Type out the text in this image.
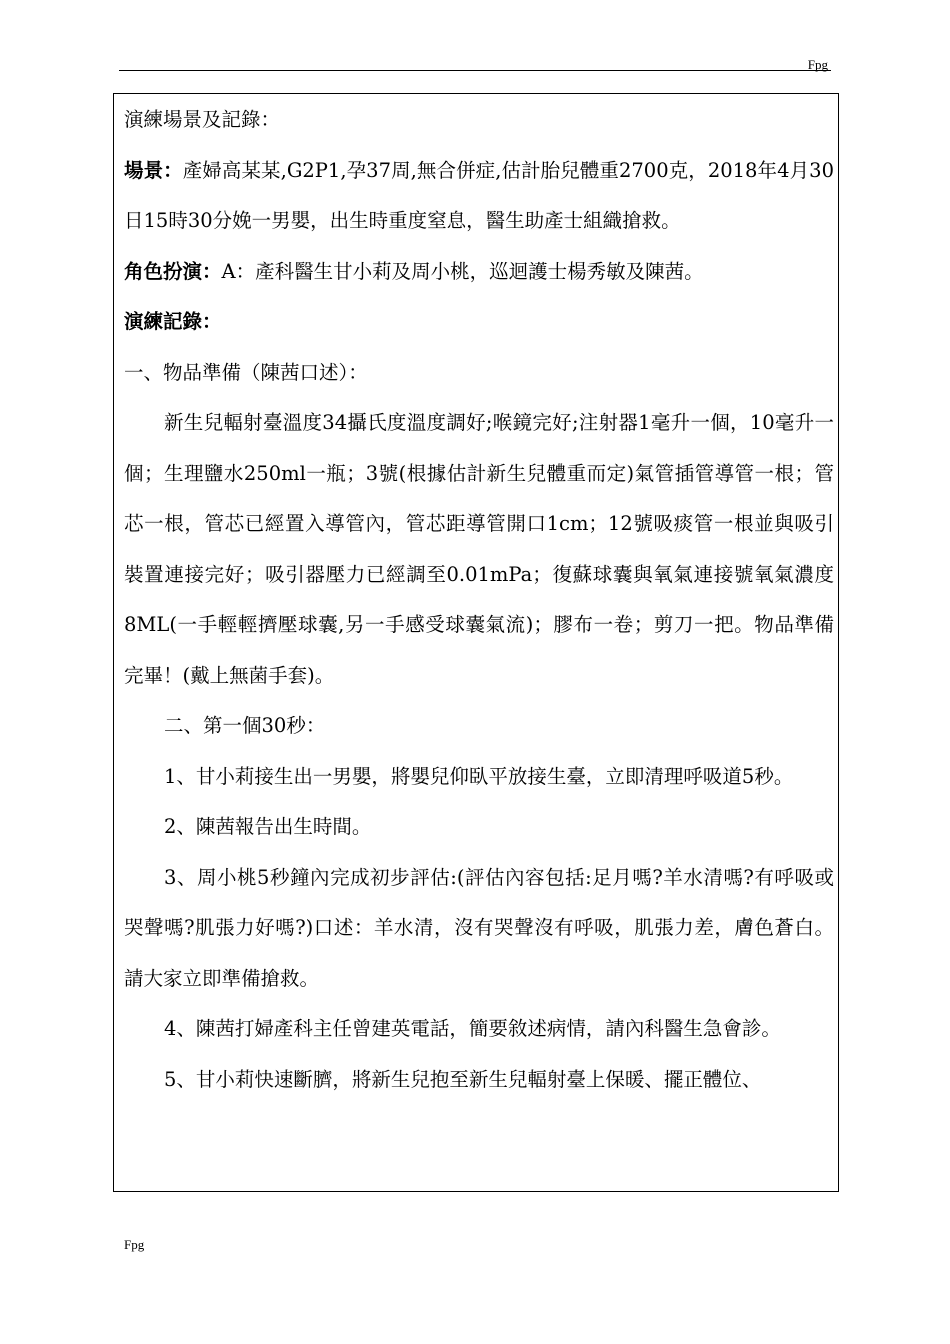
Fpg

演練場景及記錄：

場景：產婦高某某,G2P1,孕37周,無合併症,估計胎兒體重2700克，2018年4月30日15時30分娩一男嬰，出生時重度窒息，醫生助產士組織搶救。

角色扮演：A：產科醫生甘小莉及周小桃，巡迴護士楊秀敏及陳茜。

演練記錄：

一、物品準備（陳茜口述）：

新生兒輻射臺溫度34攝氏度溫度調好;喉鏡完好;注射器1毫升一個，10毫升一個；生理鹽水250ml一瓶；3號(根據估計新生兒體重而定)氣管插管導管一根；管芯一根，管芯已經置入導管內，管芯距導管開口1cm；12號吸痰管一根並與吸引裝置連接完好；吸引器壓力已經調至0.01mPa；復蘇球囊與氧氣連接號氧氣濃度8ML(一手輕輕擠壓球囊,另一手感受球囊氣流)；膠布一卷；剪刀一把。物品準備完畢！(戴上無菌手套)。

二、第一個30秒：

1、甘小莉接生出一男嬰，將嬰兒仰臥平放接生臺，立即清理呼吸道5秒。

2、陳茜報告出生時間。

3、周小桃5秒鐘內完成初步評估:(評估內容包括:足月嗎?羊水清嗎?有呼吸或哭聲嗎?肌張力好嗎?)口述：羊水清，沒有哭聲沒有呼吸，肌張力差，膚色蒼白。請大家立即準備搶救。

4、陳茜打婦產科主任曾建英電話，簡要敘述病情，請內科醫生急會診。

5、甘小莉快速斷臍，將新生兒抱至新生兒輻射臺上保暖、擺正體位、

Fpg
